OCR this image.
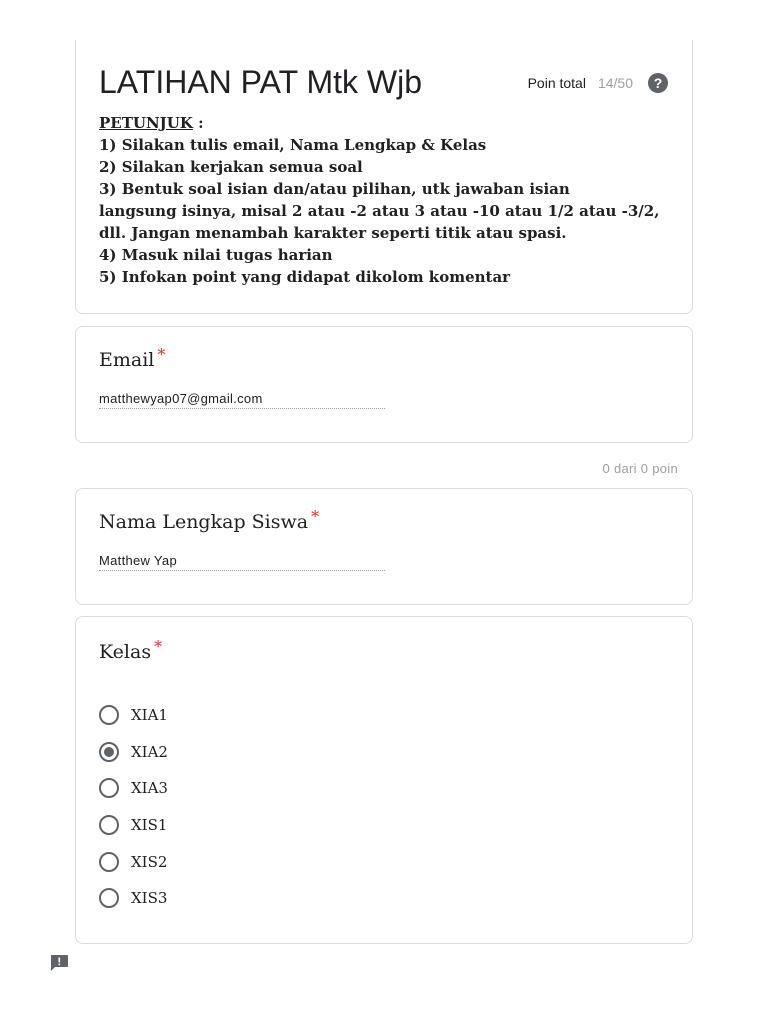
LATIHAN PAT Mtk Wjb	Poin total 14/50	?
PETUNJUK :
1) Silakan tulis email, Nama Lengkap & Kelas
2) Silakan kerjakan semua soal
3) Bentuk soal isian dan/atau pilihan, utk jawaban isian
langsung isinya, misal 2 atau -2 atau 3 atau -10 atau 1/2 atau -3/2,
dll. Jangan menambah karakter seperti titik atau spasi.
4) Masuk nilai tugas harian
5) Infokan point yang didapat dikolom komentar
Email *
matthewyap07@gmail.com
0 dari 0 poin
Nama Lengkap Siswa *
Matthew Yap
Kelas *
XIA1
XIA2
XIA3
XIS1
XIS2
XIS3
